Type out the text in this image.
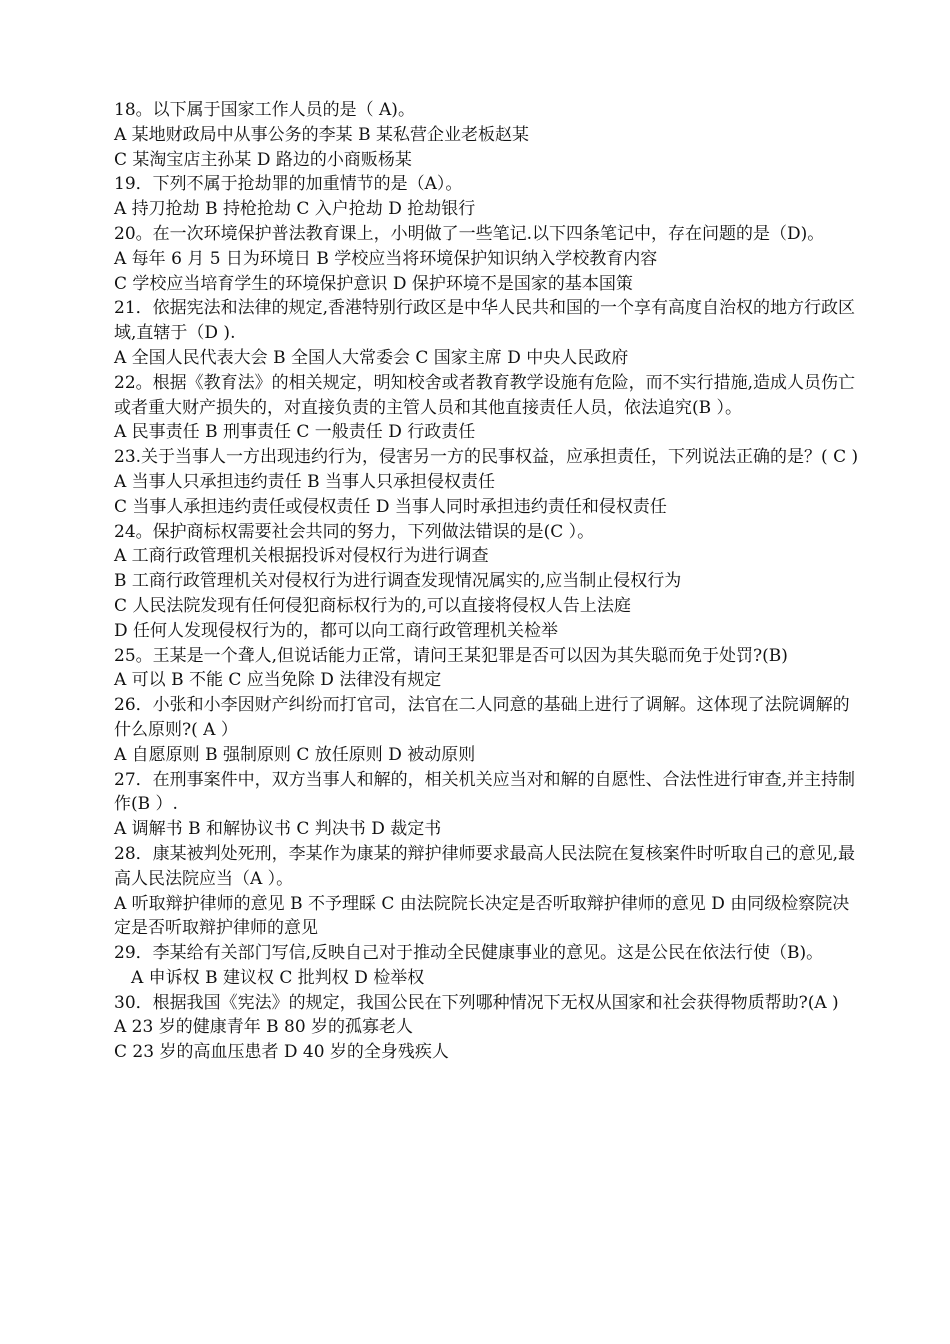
18。以下属于国家工作人员的是（ A)。
A 某地财政局中从事公务的李某 B 某私营企业老板赵某
C 某淘宝店主孙某 D 路边的小商贩杨某
19．下列不属于抢劫罪的加重情节的是（A）。
A 持刀抢劫 B 持枪抢劫 C 入户抢劫 D 抢劫银行
20。在一次环境保护普法教育课上，小明做了一些笔记.以下四条笔记中，存在问题的是（D)。
A 每年 6 月 5 日为环境日 B 学校应当将环境保护知识纳入学校教育内容
C 学校应当培育学生的环境保护意识 D 保护环境不是国家的基本国策
21．依据宪法和法律的规定,香港特别行政区是中华人民共和国的一个享有高度自治权的地方行政区域,直辖于（D ).
A 全国人民代表大会 B 全国人大常委会 C 国家主席 D 中央人民政府
22。根据《教育法》的相关规定，明知校舍或者教育教学设施有危险，而不实行措施,造成人员伤亡或者重大财产损失的，对直接负责的主管人员和其他直接责任人员，依法追究(B ）。
A 民事责任 B 刑事责任 C 一般责任 D 行政责任
23.关于当事人一方出现违约行为，侵害另一方的民事权益，应承担责任，下列说法正确的是？( C )
A 当事人只承担违约责任 B 当事人只承担侵权责任
C 当事人承担违约责任或侵权责任 D 当事人同时承担违约责任和侵权责任
24。保护商标权需要社会共同的努力，下列做法错误的是(C ）。
A 工商行政管理机关根据投诉对侵权行为进行调查
B 工商行政管理机关对侵权行为进行调查发现情况属实的,应当制止侵权行为
C 人民法院发现有任何侵犯商标权行为的,可以直接将侵权人告上法庭
D 任何人发现侵权行为的，都可以向工商行政管理机关检举
25。王某是一个聋人,但说话能力正常，请问王某犯罪是否可以因为其失聪而免于处罚?(B)
A 可以 B 不能 C 应当免除 D 法律没有规定
26．小张和小李因财产纠纷而打官司，法官在二人同意的基础上进行了调解。这体现了法院调解的什么原则?( A ）
A 自愿原则 B 强制原则 C 放任原则 D 被动原则
27．在刑事案件中，双方当事人和解的，相关机关应当对和解的自愿性、合法性进行审查,并主持制作(B ）.
A 调解书 B 和解协议书 C 判决书 D 裁定书
28．康某被判处死刑，李某作为康某的辩护律师要求最高人民法院在复核案件时听取自己的意见,最高人民法院应当（A ）。
A 听取辩护律师的意见 B 不予理睬 C 由法院院长决定是否听取辩护律师的意见 D 由同级检察院决定是否听取辩护律师的意见
29．李某给有关部门写信,反映自己对于推动全民健康事业的意见。这是公民在依法行使（B)。
A 申诉权 B 建议权 C 批判权 D 检举权
30．根据我国《宪法》的规定，我国公民在下列哪种情况下无权从国家和社会获得物质帮助?(A )
A 23 岁的健康青年 B 80 岁的孤寡老人
C 23 岁的高血压患者 D 40 岁的全身残疾人
